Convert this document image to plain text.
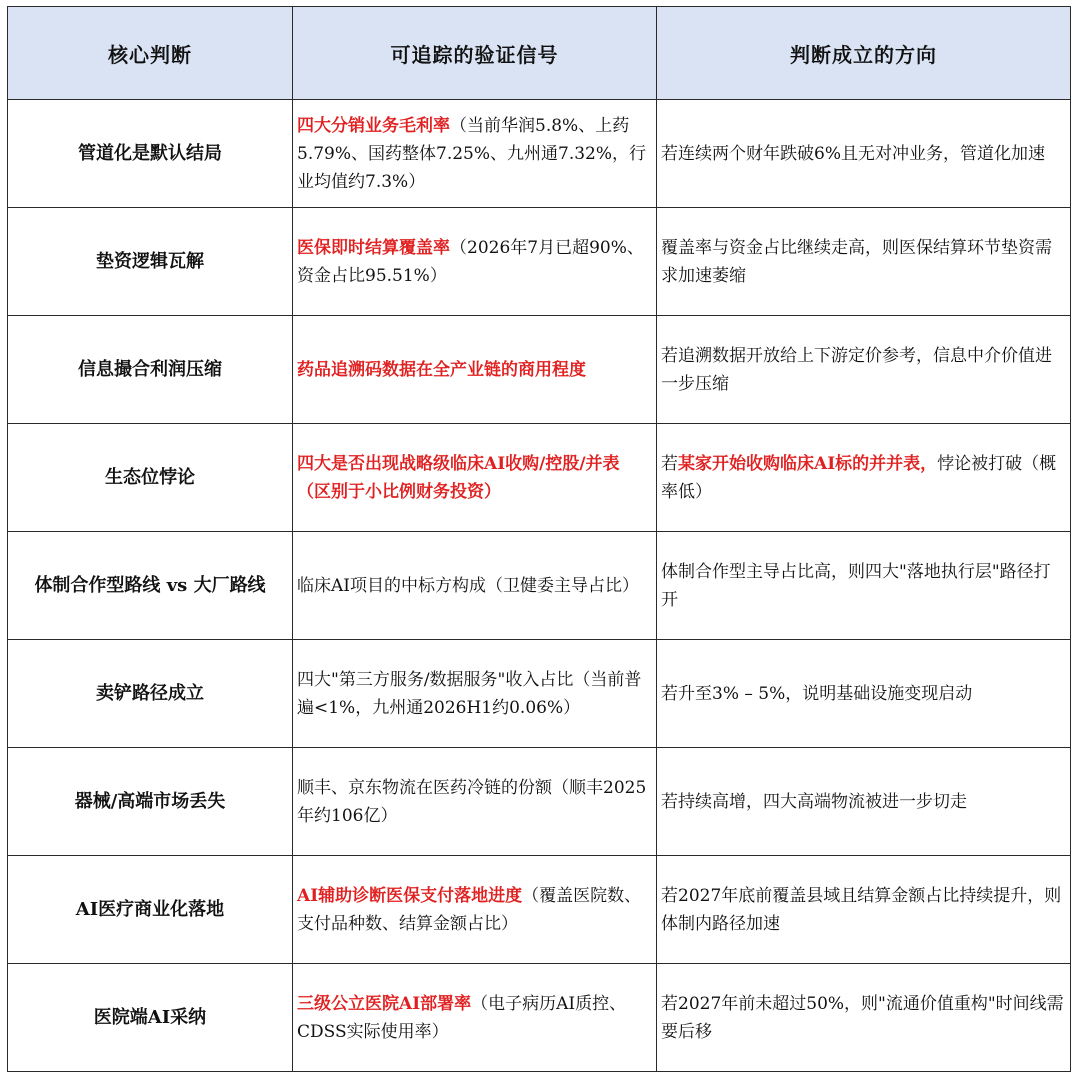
核心判断	可追踪的验证信号	判断成立的方向
管道化是默认结局	四大分销业务毛利率（当前华润5.8%、上药5.79%、国药整体7.25%、九州通7.32%，行业均值约7.3%）	若连续两个财年跌破6%且无对冲业务，管道化加速
垫资逻辑瓦解	医保即时结算覆盖率（2026年7月已超90%、资金占比95.51%）	覆盖率与资金占比继续走高，则医保结算环节垫资需求加速萎缩
信息撮合利润压缩	药品追溯码数据在全产业链的商用程度	若追溯数据开放给上下游定价参考，信息中介价值进一步压缩
生态位悖论	四大是否出现战略级临床AI收购/控股/并表（区别于小比例财务投资）	若某家开始收购临床AI标的并并表，悖论被打破（概率低）
体制合作型路线 vs 大厂路线	临床AI项目的中标方构成（卫健委主导占比）	体制合作型主导占比高，则四大"落地执行层"路径打开
卖铲路径成立	四大"第三方服务/数据服务"收入占比（当前普遍<1%，九州通2026H1约0.06%）	若升至3% – 5%，说明基础设施变现启动
器械/高端市场丢失	顺丰、京东物流在医药冷链的份额（顺丰2025年约106亿）	若持续高增，四大高端物流被进一步切走
AI医疗商业化落地	AI辅助诊断医保支付落地进度（覆盖医院数、支付品种数、结算金额占比）	若2027年底前覆盖县域且结算金额占比持续提升，则体制内路径加速
医院端AI采纳	三级公立医院AI部署率（电子病历AI质控、CDSS实际使用率）	若2027年前未超过50%，则"流通价值重构"时间线需要后移
